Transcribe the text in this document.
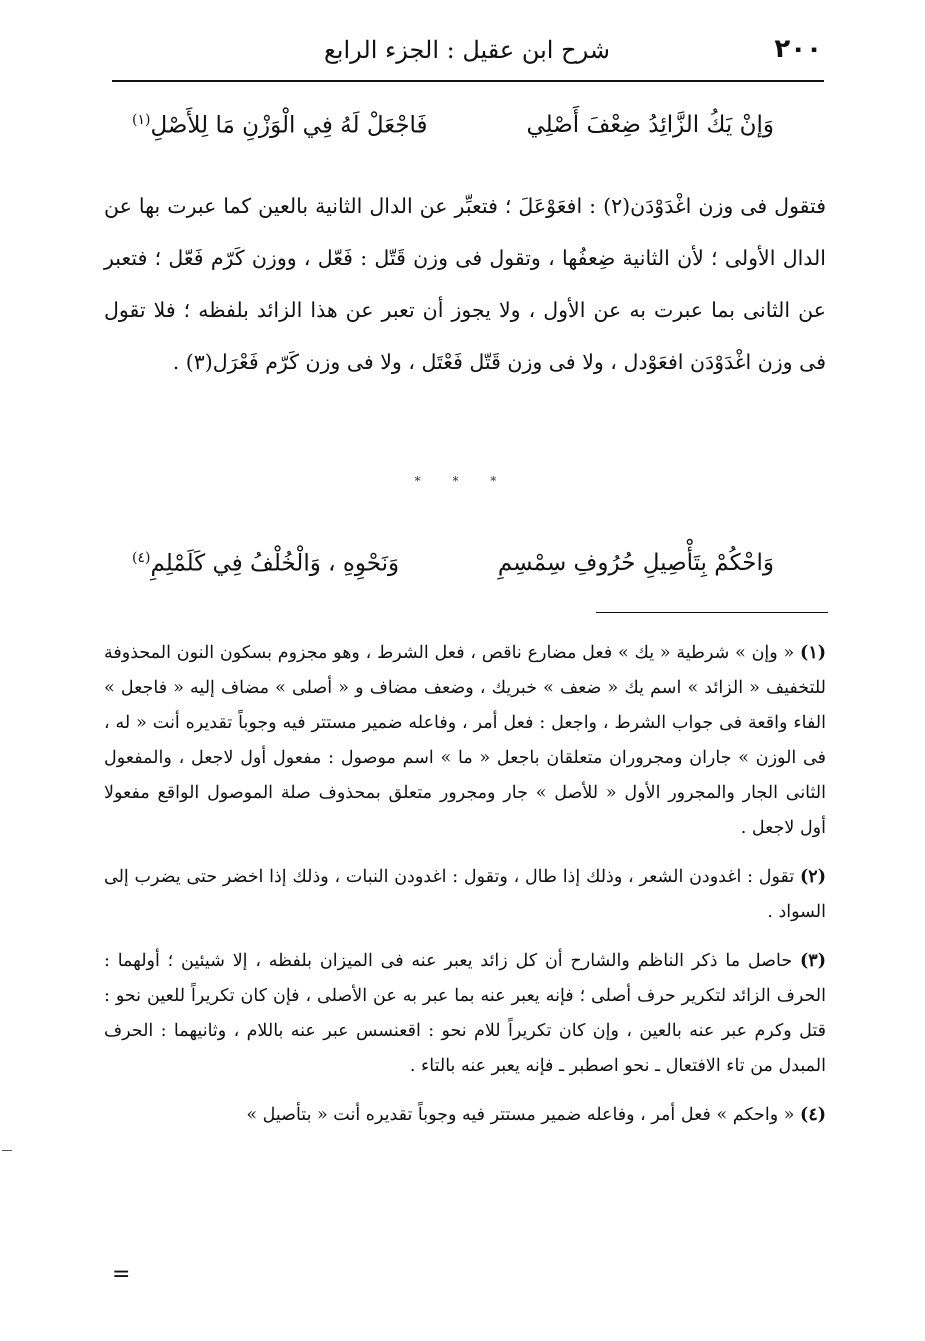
٢٠٠
شرح ابن عقيل : الجزء الرابع
وَإنْ يَكُ الزَّائِدُ ضِعْفَ أَصْلِي
فَاجْعَلْ لَهُ فِي الْوَزْنِ مَا لِلأَصْلِ$^{(١)}$
فتقول فى وزن اغْدَوْدَن(٢) : افعَوْعَلَ ؛ فتعبِّر عن الدال الثانية بالعين كما عبرت بها عن الدال الأولى ؛ لأن الثانية ضِعفُها ، وتقول فى وزن قَتّل : فَعّل ، ووزن كَرّم فَعّل ؛ فتعبر عن الثانى بما عبرت به عن الأول ، ولا يجوز أن تعبر عن هذا الزائد بلفظه ؛ فلا تقول فى وزن اغْدَوْدَن افعَوْدل ، ولا فى وزن قَتّل فَعْتَل ، ولا فى وزن كَرّم فَعْرَل(٣) .
* * *
وَاحْكُمْ بِتَأْصِيلِ حُرُوفِ سِمْسِمِ
وَنَحْوِهِ ، وَالْخُلْفُ فِي كَلَمْلِمِ$^{(٤)}$

(١) « وإن » شرطية « يك » فعل مضارع ناقص ، فعل الشرط ، وهو مجزوم بسكون النون المحذوفة للتخفيف « الزائد » اسم يك « ضعف » خبريك ، وضعف مضاف و « أصلى » مضاف إليه « فاجعل » الفاء واقعة فى جواب الشرط ، واجعل : فعل أمر ، وفاعله ضمير مستتر فيه وجوباً تقديره أنت « له ، فى الوزن » جاران ومجروران متعلقان باجعل « ما » اسم موصول : مفعول أول لاجعل ، والمفعول الثانى الجار والمجرور الأول « للأصل » جار ومجرور متعلق بمحذوف صلة الموصول الواقع مفعولا أول لاجعل .

(٢) تقول : اغدودن الشعر ، وذلك إذا طال ، وتقول : اغدودن النبات ، وذلك إذا اخضر حتى يضرب إلى السواد .

(٣) حاصل ما ذكر الناظم والشارح أن كل زائد يعبر عنه فى الميزان بلفظه ، إلا شيئين ؛ أولهما : الحرف الزائد لتكرير حرف أصلى ؛ فإنه يعبر عنه بما عبر به عن الأصلى ، فإن كان تكريراً للعين نحو : قتل وكرم عبر عنه بالعين ، وإن كان تكريراً للام نحو : اقعنسس عبر عنه باللام ، وثانيهما : الحرف المبدل من تاء الافتعال ـ نحو اصطبر ـ فإنه يعبر عنه بالتاء .

(٤) « واحكم » فعل أمر ، وفاعله ضمير مستتر فيه وجوباً تقديره أنت « بتأصيل »

=
